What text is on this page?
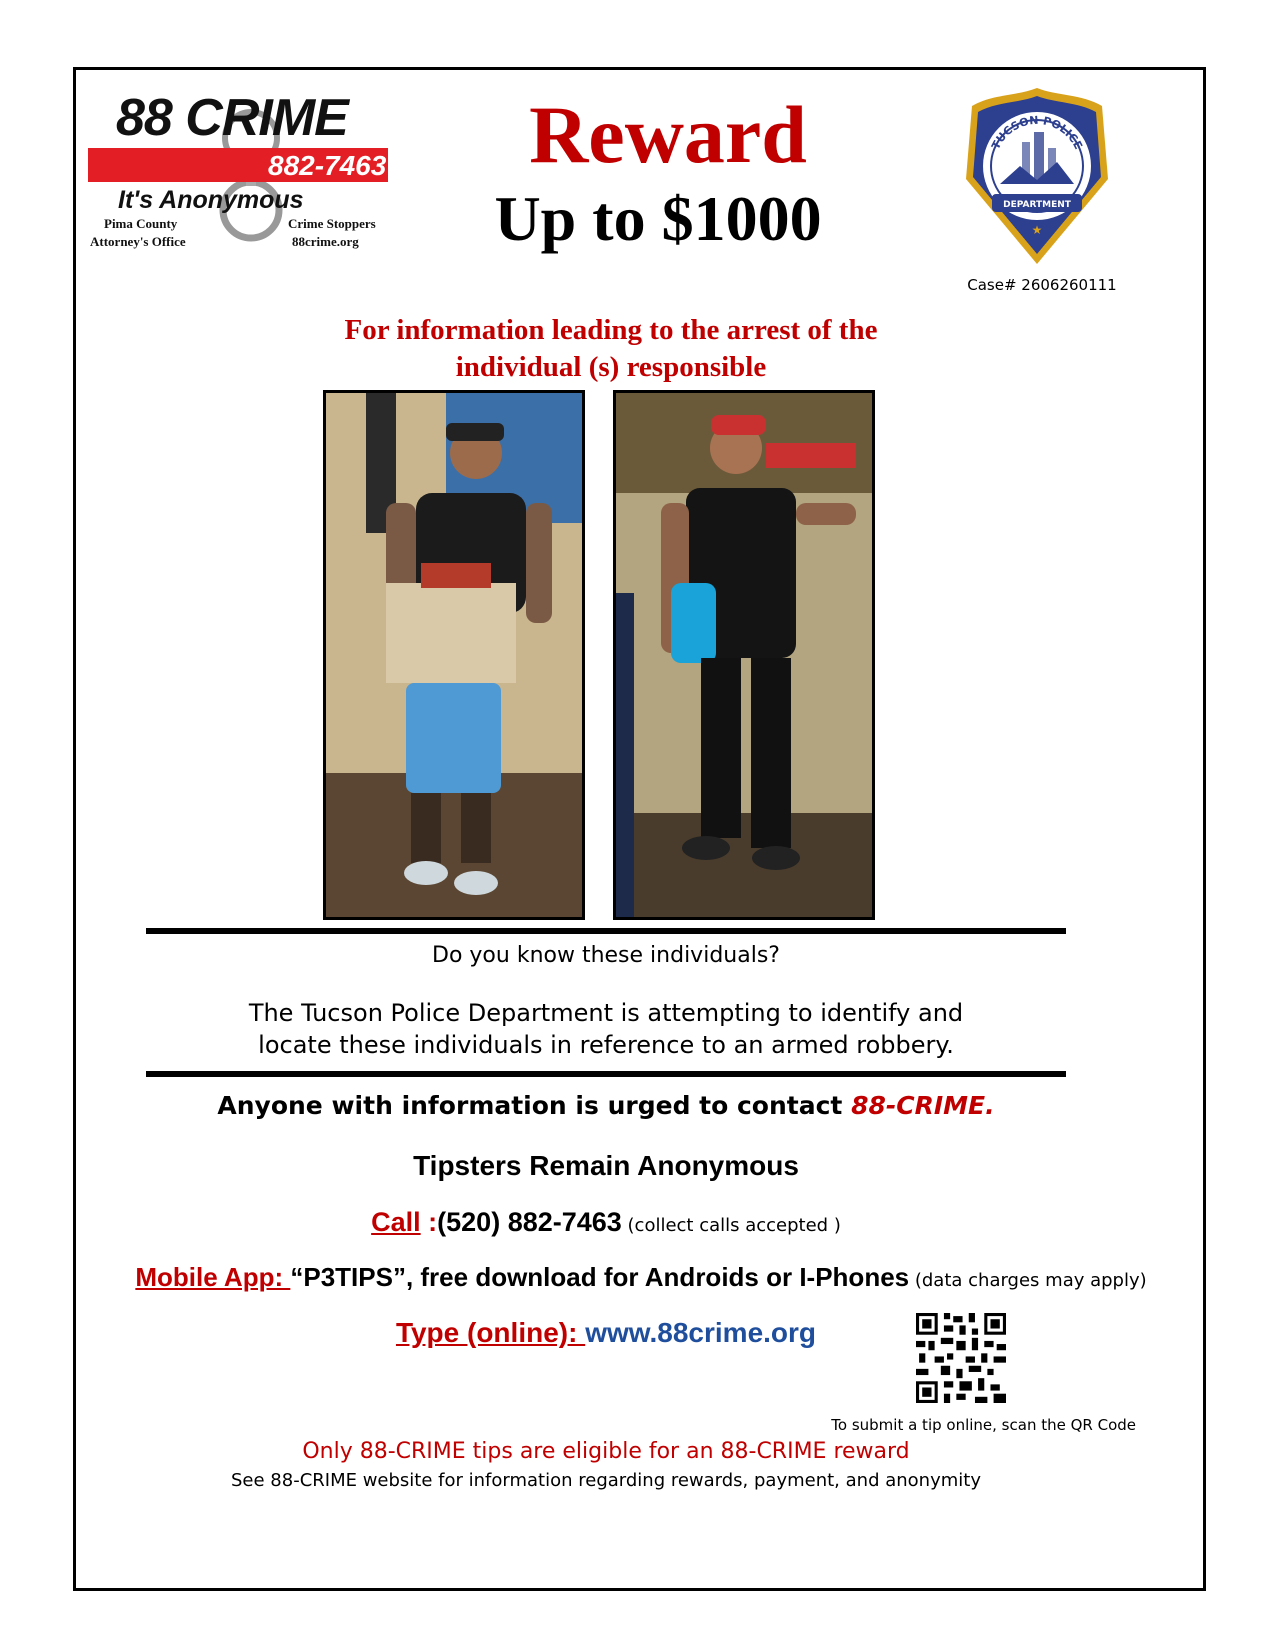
88 CRIME
882-7463
It's Anonymous
Pima County
Attorney's Office
Crime Stoppers
88crime.org
Reward
Up to $1000
TUCSON POLICE
DEPARTMENT
★
Case# 2606260111
For information leading to the arrest of the
individual (s) responsible
Do you know these individuals?
The Tucson Police Department is attempting to identify and
locate these individuals in reference to an armed robbery.
Anyone with information is urged to contact 88-CRIME.
Tipsters Remain Anonymous
Call :(520) 882-7463 (collect calls accepted )
Mobile App: “P3TIPS”, free download for Androids or I-Phones (data charges may apply)
Type (online): www.88crime.org
To submit a tip online, scan the QR Code
Only 88-CRIME tips are eligible for an 88-CRIME reward
See 88-CRIME website for information regarding rewards, payment, and anonymity
